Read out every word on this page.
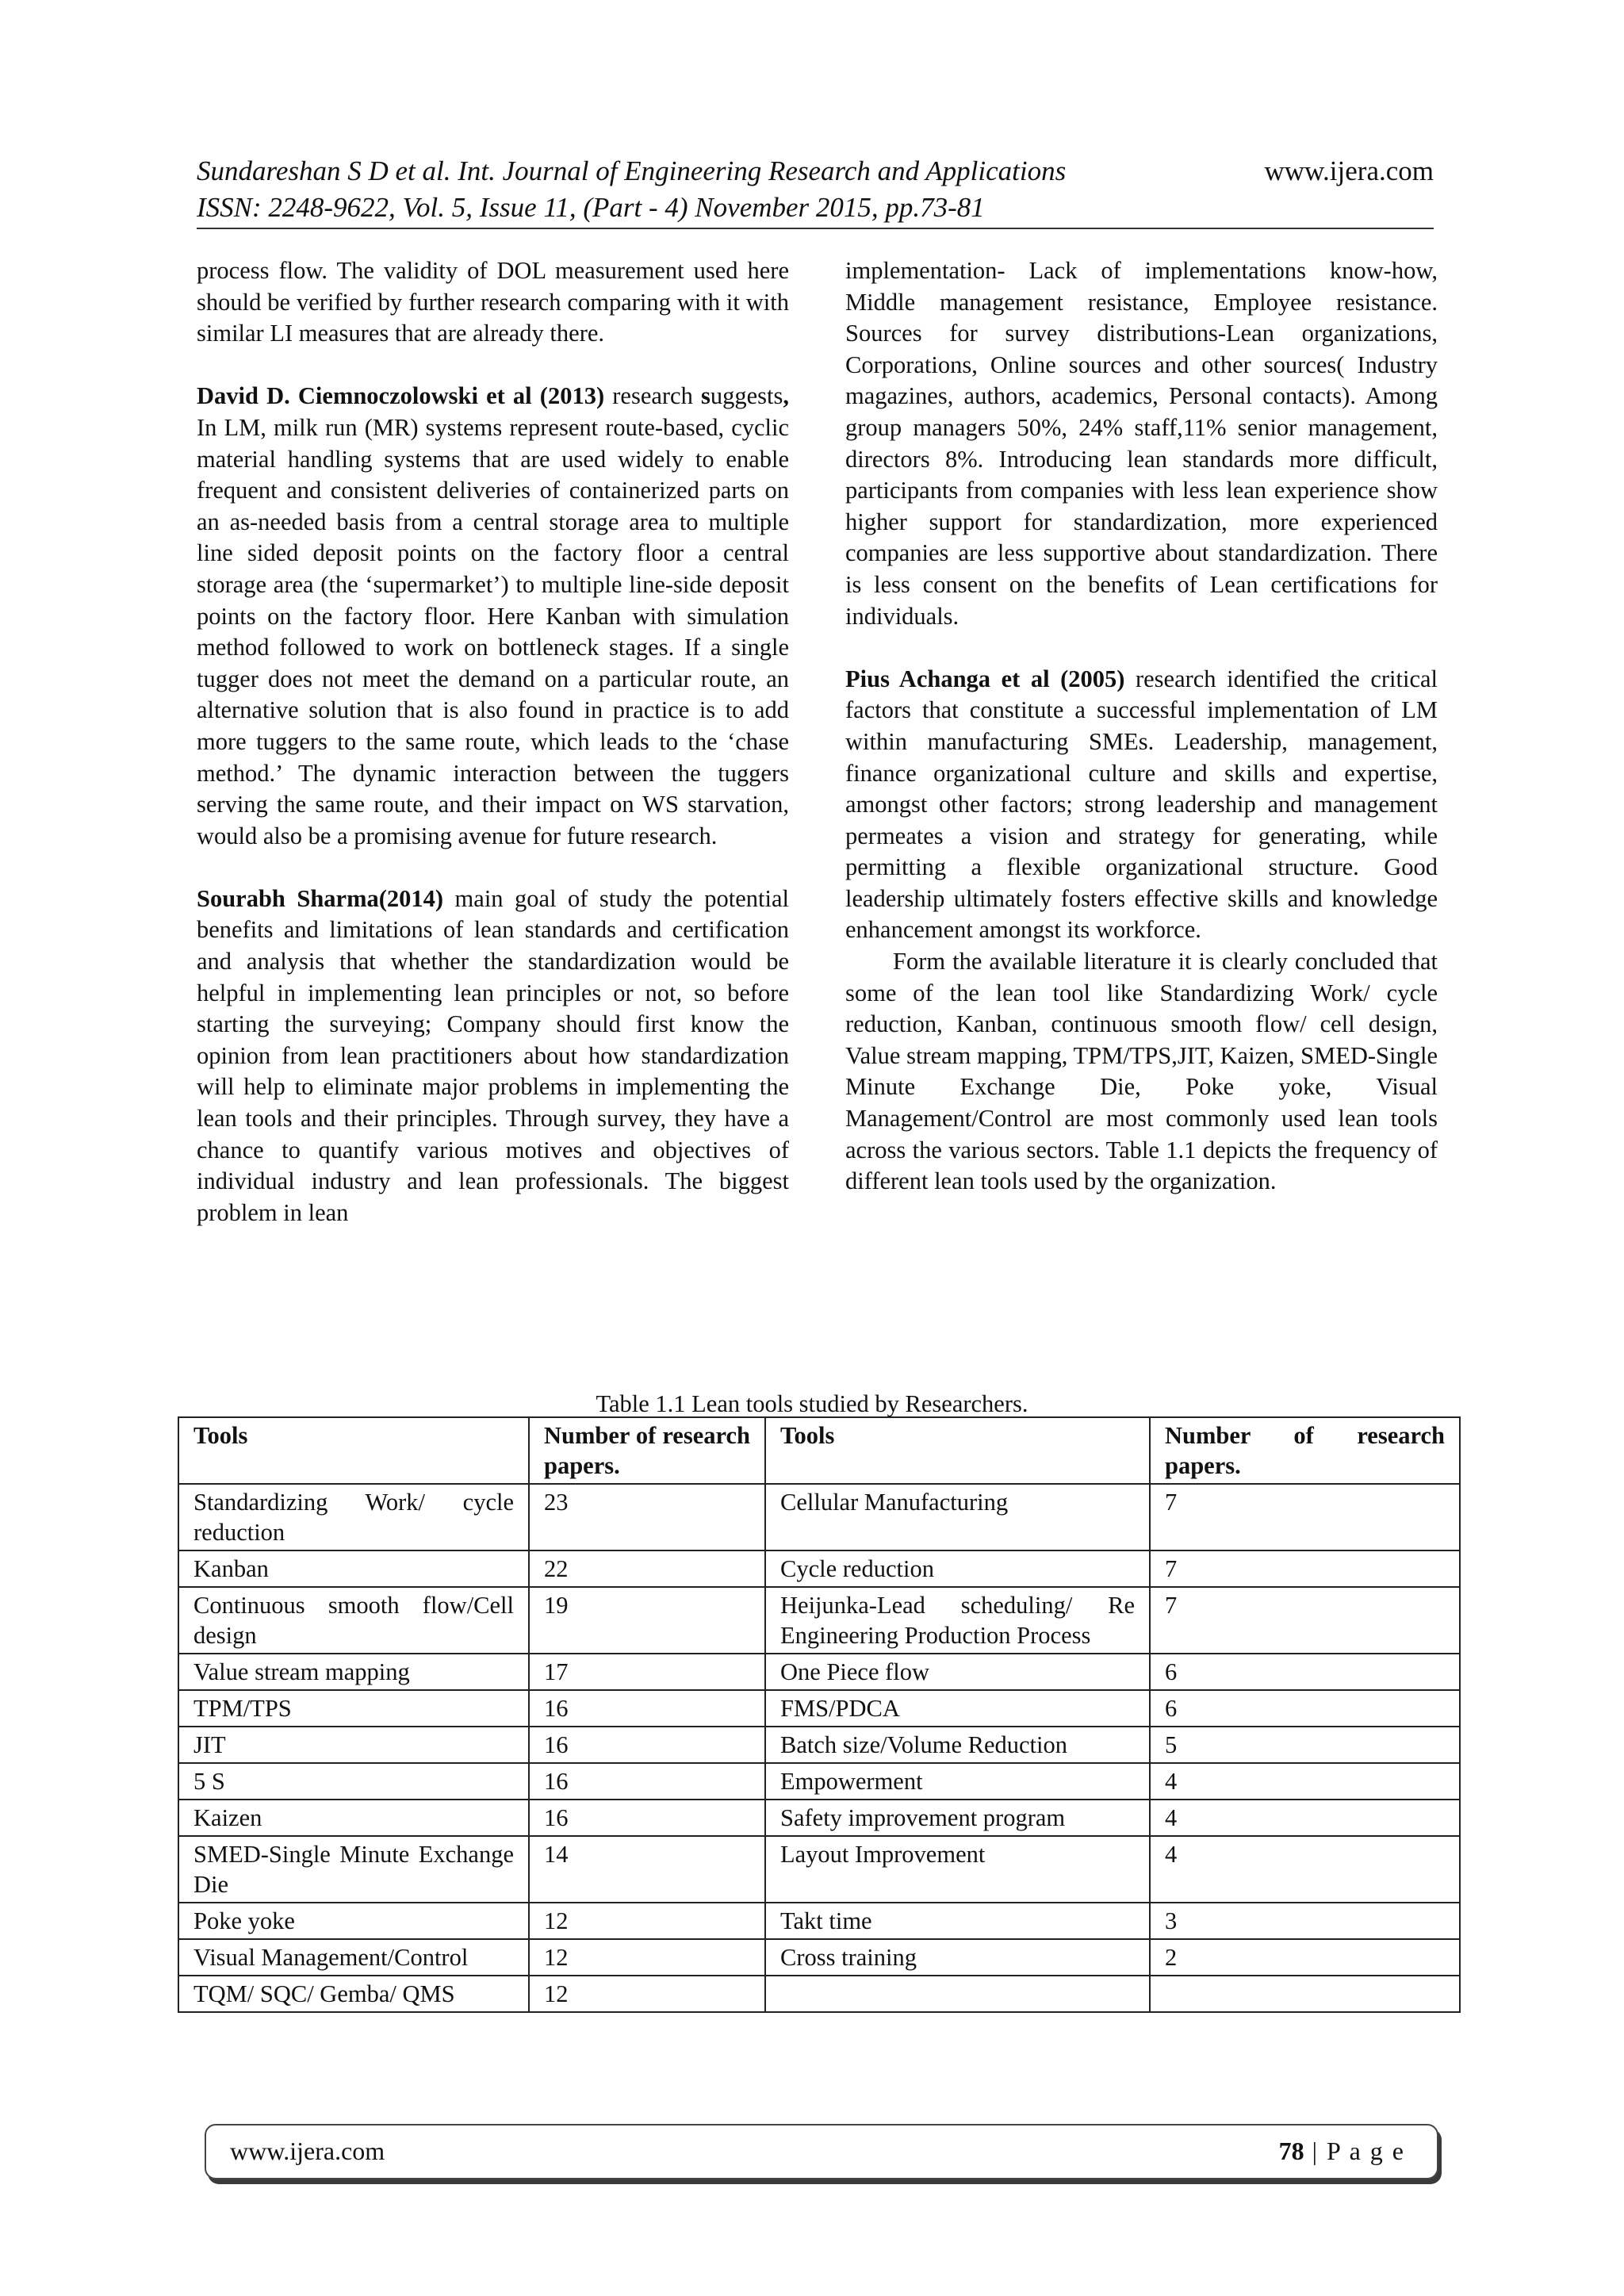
Sundareshan S D et al. Int. Journal of Engineering Research and Applications	www.ijera.com
ISSN: 2248-9622, Vol. 5, Issue 11, (Part - 4) November 2015, pp.73-81

process flow. The validity of DOL measurement used here should be verified by further research comparing with it with similar LI measures that are already there.

David D. Ciemnoczolowski et al (2013) research suggests, In LM, milk run (MR) systems represent route-based, cyclic material handling systems that are used widely to enable frequent and consistent deliveries of containerized parts on an as-needed basis from a central storage area to multiple line sided deposit points on the factory floor a central storage area (the ‘supermarket’) to multiple line-side deposit points on the factory floor. Here Kanban with simulation method followed to work on bottleneck stages. If a single tugger does not meet the demand on a particular route, an alternative solution that is also found in practice is to add more tuggers to the same route, which leads to the ‘chase method.’ The dynamic interaction between the tuggers serving the same route, and their impact on WS starvation, would also be a promising avenue for future research.

Sourabh Sharma(2014) main goal of study the potential benefits and limitations of lean standards and certification and analysis that whether the standardization would be helpful in implementing lean principles or not, so before starting the surveying; Company should first know the opinion from lean practitioners about how standardization will help to eliminate major problems in implementing the lean tools and their principles. Through survey, they have a chance to quantify various motives and objectives of individual industry and lean professionals. The biggest problem in lean

implementation- Lack of implementations know-how, Middle management resistance, Employee resistance. Sources for survey distributions-Lean organizations, Corporations, Online sources and other sources( Industry magazines, authors, academics, Personal contacts). Among group managers 50%, 24% staff,11% senior management, directors 8%. Introducing lean standards more difficult, participants from companies with less lean experience show higher support for standardization, more experienced companies are less supportive about standardization. There is less consent on the benefits of Lean certifications for individuals.

Pius Achanga et al (2005) research identified the critical factors that constitute a successful implementation of LM within manufacturing SMEs. Leadership, management, finance organizational culture and skills and expertise, amongst other factors; strong leadership and management permeates a vision and strategy for generating, while permitting a flexible organizational structure. Good leadership ultimately fosters effective skills and knowledge enhancement amongst its workforce.

Form the available literature it is clearly concluded that some of the lean tool like Standardizing Work/ cycle reduction, Kanban, continuous smooth flow/ cell design, Value stream mapping, TPM/TPS,JIT, Kaizen, SMED-Single Minute Exchange Die, Poke yoke, Visual Management/Control are most commonly used lean tools across the various sectors. Table 1.1 depicts the frequency of different lean tools used by the organization.

Table 1.1 Lean tools studied by Researchers.
Tools	Number of research papers.	Tools	Number of research papers.
Standardizing Work/ cycle reduction	23	Cellular Manufacturing	7
Kanban	22	Cycle reduction	7
Continuous smooth flow/Cell design	19	Heijunka-Lead scheduling/ Re Engineering Production Process	7
Value stream mapping	17	One Piece flow	6
TPM/TPS	16	FMS/PDCA	6
JIT	16	Batch size/Volume Reduction	5
5 S	16	Empowerment	4
Kaizen	16	Safety improvement program	4
SMED-Single Minute Exchange Die	14	Layout Improvement	4
Poke yoke	12	Takt time	3
Visual Management/Control	12	Cross training	2
TQM/ SQC/ Gemba/ QMS	12		
www.ijera.com	78 | P a g e
